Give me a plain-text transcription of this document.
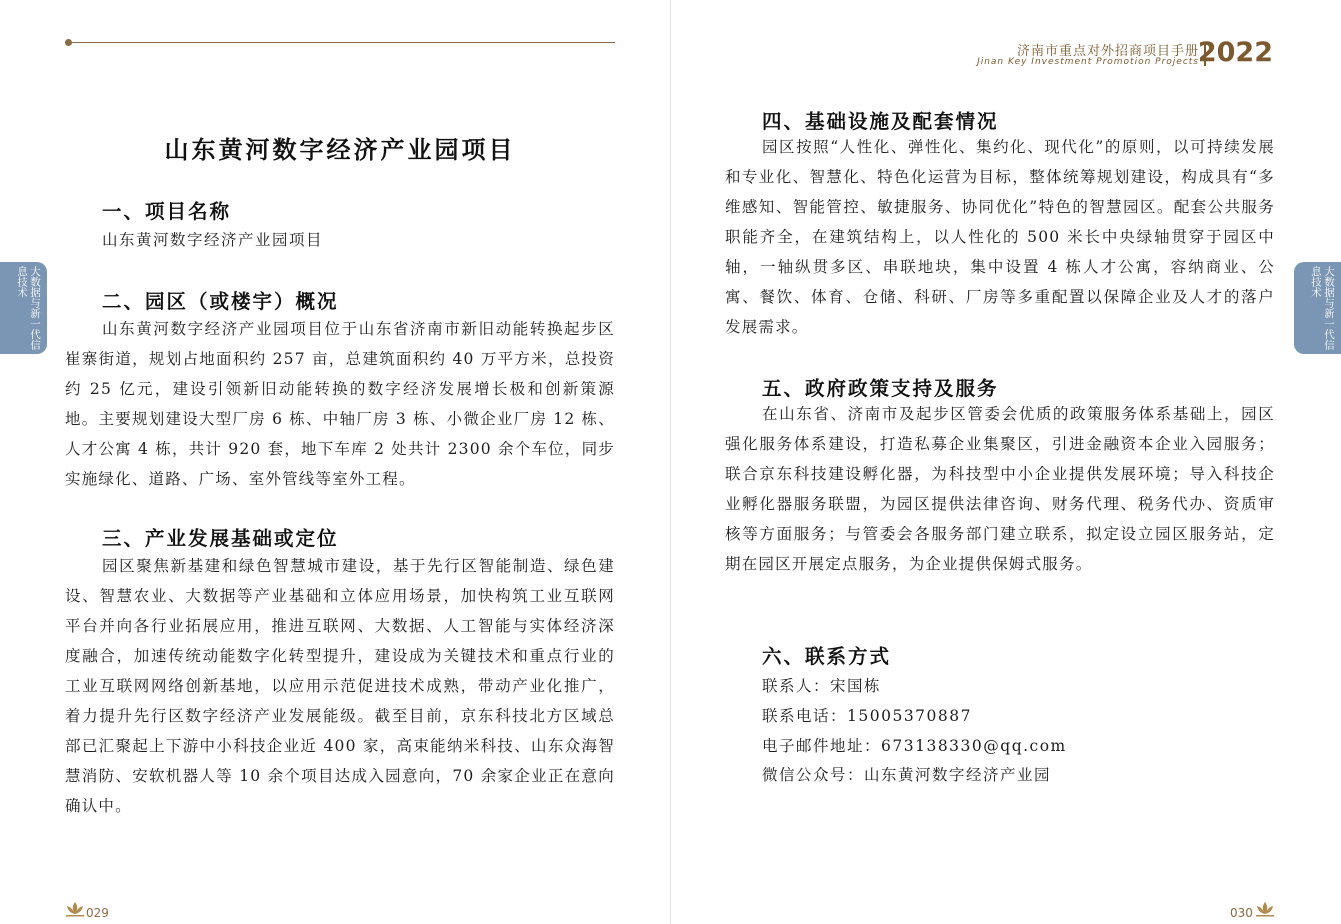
大数据与新一代信息技术
山东黄河数字经济产业园项目
一、项目名称
山东黄河数字经济产业园项目
二、园区（或楼宇）概况

山东黄河数字经济产业园项目位于山东省济南市新旧动能转换起步区崔寨街道，规划占地面积约 257 亩，总建筑面积约 40 万平方米，总投资约 25 亿元，建设引领新旧动能转换的数字经济发展增长极和创新策源地。主要规划建设大型厂房 6 栋、中轴厂房 3 栋、小微企业厂房 12 栋、人才公寓 4 栋，共计 920 套，地下车库 2 处共计 2300 余个车位，同步实施绿化、道路、广场、室外管线等室外工程。

三、产业发展基础或定位

园区聚焦新基建和绿色智慧城市建设，基于先行区智能制造、绿色建设、智慧农业、大数据等产业基础和立体应用场景，加快构筑工业互联网平台并向各行业拓展应用，推进互联网、大数据、人工智能与实体经济深度融合，加速传统动能数字化转型提升，建设成为关键技术和重点行业的工业互联网网络创新基地，以应用示范促进技术成熟，带动产业化推广，着力提升先行区数字经济产业发展能级。截至目前，京东科技北方区域总部已汇聚起上下游中小科技企业近 400 家，高束能纳米科技、山东众海智慧消防、安软机器人等 10 余个项目达成入园意向，70 余家企业正在意向确认中。

029
济南市重点对外招商项目手册
Jinan Key Investment Promotion Projects
2022
大数据与新一代信息技术
四、基础设施及配套情况

园区按照“人性化、弹性化、集约化、现代化”的原则，以可持续发展和专业化、智慧化、特色化运营为目标，整体统筹规划建设，构成具有“多维感知、智能管控、敏捷服务、协同优化”特色的智慧园区。配套公共服务职能齐全，在建筑结构上，以人性化的 500 米长中央绿轴贯穿于园区中轴，一轴纵贯多区、串联地块，集中设置 4 栋人才公寓，容纳商业、公寓、餐饮、体育、仓储、科研、厂房等多重配置以保障企业及人才的落户发展需求。

五、政府政策支持及服务

在山东省、济南市及起步区管委会优质的政策服务体系基础上，园区强化服务体系建设，打造私募企业集聚区，引进金融资本企业入园服务；联合京东科技建设孵化器，为科技型中小企业提供发展环境；导入科技企业孵化器服务联盟，为园区提供法律咨询、财务代理、税务代办、资质审核等方面服务；与管委会各服务部门建立联系，拟定设立园区服务站，定期在园区开展定点服务，为企业提供保姆式服务。

六、联系方式
联系人：宋国栋
联系电话：15005370887
电子邮件地址：673138330@qq.com
微信公众号：山东黄河数字经济产业园
030
